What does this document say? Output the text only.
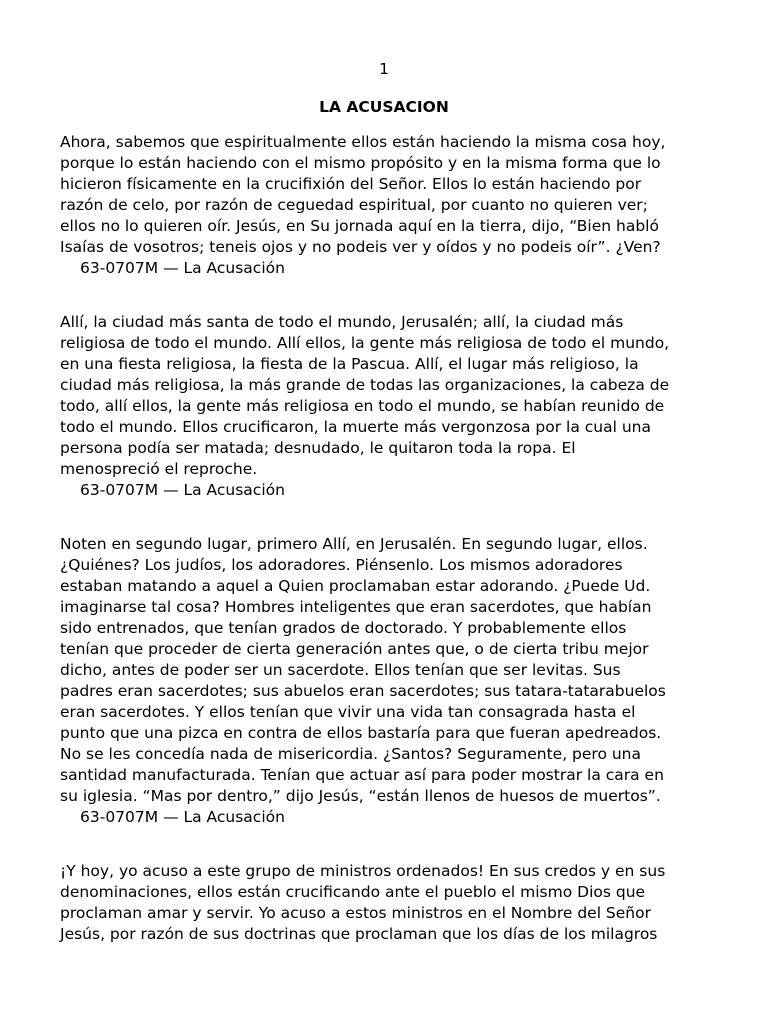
1
LA ACUSACION

Ahora, sabemos que espiritualmente ellos están haciendo la misma cosa hoy,
porque lo están haciendo con el mismo propósito y en la misma forma que lo
hicieron físicamente en la crucifixión del Señor. Ellos lo están haciendo por
razón de celo, por razón de ceguedad espiritual, por cuanto no quieren ver;
ellos no lo quieren oír. Jesús, en Su jornada aquí en la tierra, dijo, “Bien habló
Isaías de vosotros; teneis ojos y no podeis ver y oídos y no podeis oír”. ¿Ven?

63-0707M — La Acusación

Allí, la ciudad más santa de todo el mundo, Jerusalén; allí, la ciudad más
religiosa de todo el mundo. Allí ellos, la gente más religiosa de todo el mundo,
en una fiesta religiosa, la fiesta de la Pascua. Allí, el lugar más religioso, la
ciudad más religiosa, la más grande de todas las organizaciones, la cabeza de
todo, allí ellos, la gente más religiosa en todo el mundo, se habían reunido de
todo el mundo. Ellos crucificaron, la muerte más vergonzosa por la cual una
persona podía ser matada; desnudado, le quitaron toda la ropa. El
menospreció el reproche.

63-0707M — La Acusación

Noten en segundo lugar, primero Allí, en Jerusalén. En segundo lugar, ellos.
¿Quiénes? Los judíos, los adoradores. Piénsenlo. Los mismos adoradores
estaban matando a aquel a Quien proclamaban estar adorando. ¿Puede Ud.
imaginarse tal cosa? Hombres inteligentes que eran sacerdotes, que habían
sido entrenados, que tenían grados de doctorado. Y probablemente ellos
tenían que proceder de cierta generación antes que, o de cierta tribu mejor
dicho, antes de poder ser un sacerdote. Ellos tenían que ser levitas. Sus
padres eran sacerdotes; sus abuelos eran sacerdotes; sus tatara-tatarabuelos
eran sacerdotes. Y ellos tenían que vivir una vida tan consagrada hasta el
punto que una pizca en contra de ellos bastaría para que fueran apedreados.
No se les concedía nada de misericordia. ¿Santos? Seguramente, pero una
santidad manufacturada. Tenían que actuar así para poder mostrar la cara en
su iglesia. “Mas por dentro,” dijo Jesús, “están llenos de huesos de muertos”.

63-0707M — La Acusación

¡Y hoy, yo acuso a este grupo de ministros ordenados! En sus credos y en sus
denominaciones, ellos están crucificando ante el pueblo el mismo Dios que
proclaman amar y servir. Yo acuso a estos ministros en el Nombre del Señor
Jesús, por razón de sus doctrinas que proclaman que los días de los milagros
